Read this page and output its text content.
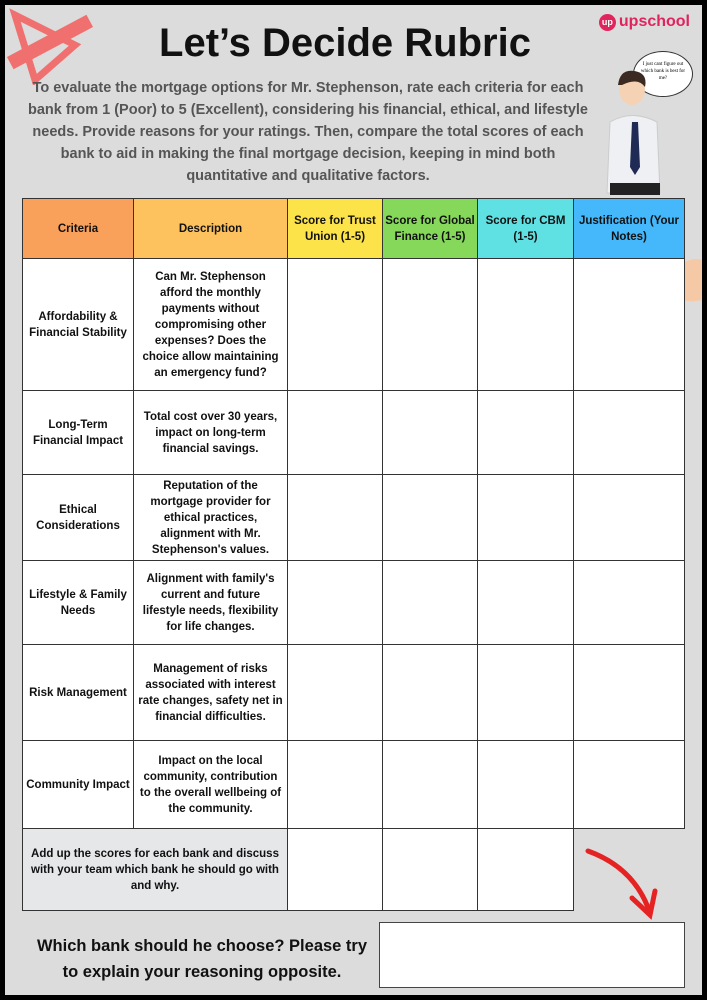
up upschool
Let’s Decide Rubric
To evaluate the mortgage options for Mr. Stephenson, rate each criteria for each bank from 1 (Poor) to 5 (Excellent), considering his financial, ethical, and lifestyle needs. Provide reasons for your ratings. Then, compare the total scores of each bank to aid in making the final mortgage decision, keeping in mind both quantitative and qualitative factors.
I just cant figure out which bank is best for me?
Criteria	Description	Score for Trust Union (1-5)	Score for Global Finance (1-5)	Score for CBM (1-5)	Justification (Your Notes)
Affordability & Financial Stability	Can Mr. Stephenson afford the monthly payments without compromising other expenses? Does the choice allow maintaining an emergency fund?				
Long-Term Financial Impact	Total cost over 30 years, impact on long-term financial savings.				
Ethical Considerations	Reputation of the mortgage provider for ethical practices, alignment with Mr. Stephenson's values.				
Lifestyle & Family Needs	Alignment with family's current and future lifestyle needs, flexibility for life changes.				
Risk Management	Management of risks associated with interest rate changes, safety net in financial difficulties.				
Community Impact	Impact on the local community, contribution to the overall wellbeing of the community.				
Add up the scores for each bank and discuss with your team which bank he should go with and why.					
Which bank should he choose? Please try to explain your reasoning opposite.
